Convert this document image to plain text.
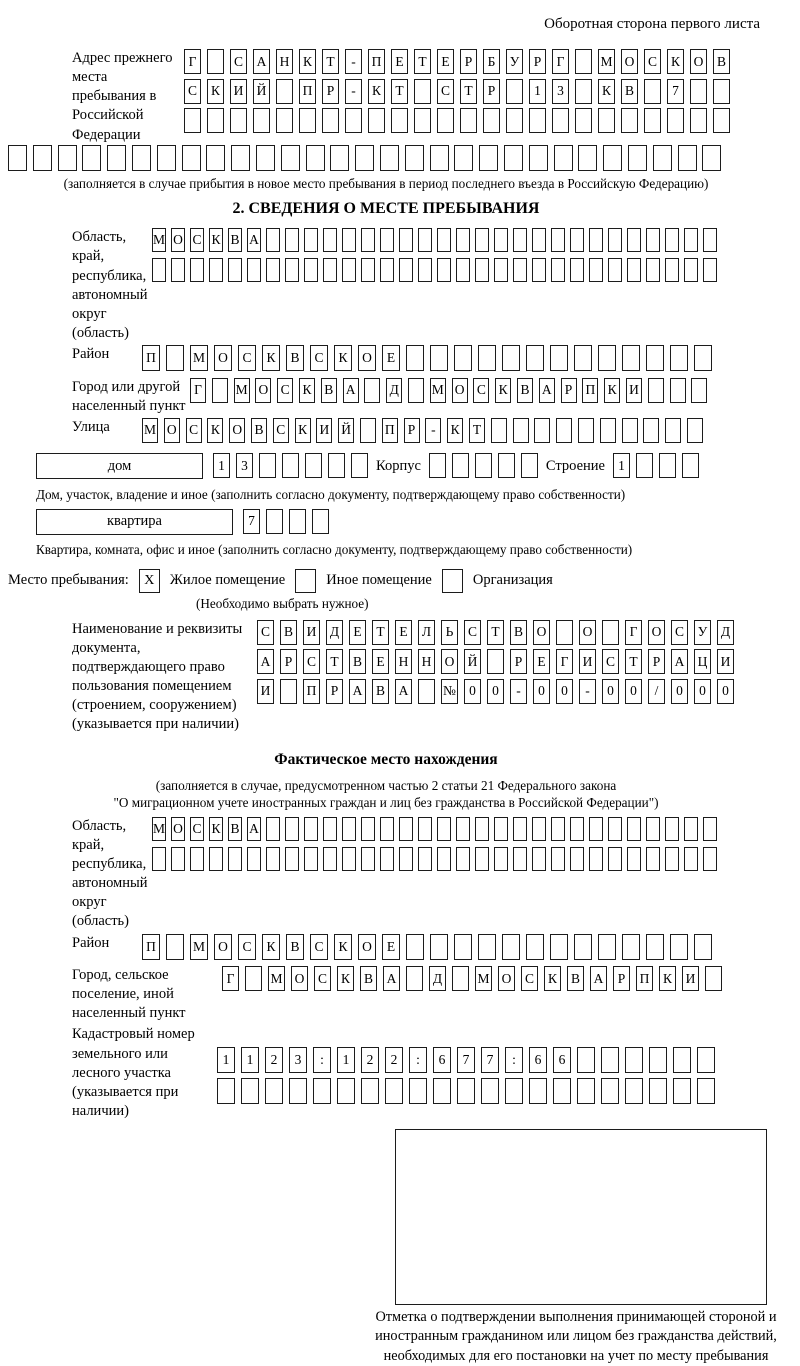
Оборотная сторона первого листа
Адрес прежнего места пребывания в Российской Федерации
Г	С А Н К	Т	-	П	Е	Т	Е	Р	Б	У	Р	Г	М О С К О В
С К И Й	П	Р	-	К	Т	С	Т	Р	1	3	К В	7
(заполняется в случае прибытия в новое место пребывания в период последнего въезда в Российскую Федерацию)
2. СВЕДЕНИЯ О МЕСТЕ ПРЕБЫВАНИЯ
Область, край, республика, автономный округ (область)
М О С К В А
Район	П	М О	С	К	В	С	К	О	Е
Город или другой населенный пункт
Г	М О С К В А	Д М О С К В А Р П К И
Улица	М О С К О В С К И Й	П Р	-	К Т
дом	1	3	Корпус	Строение 1
Дом, участок, владение и иное (заполнить согласно документу, подтверждающему право собственности)
квартира	7
Квартира, комната, офис и иное (заполнить согласно документу, подтверждающему право собственности)
Место пребывания:	X	Жилое помещение	Иное помещение	Организация
(Необходимо выбрать нужное)
Наименование и реквизиты документа, подтверждающего право пользования помещением (строением, сооружением) (указывается при наличии)
С В И Д	Е	Т	Е	Л	Ь	С	Т	В О	О	Г	О С У Д
А	Р	С	Т	В	Е	Н Н О Й	Р	Е	Г	И С	Т	Р	А Ц И
И	П	Р	А В А	№ 0	0	-	0	0	-	0	0	/	0	0	0
Фактическое место нахождения
(заполняется в случае, предусмотренном частью 2 статьи 21 Федерального закона
"О миграционном учете иностранных граждан и лиц без гражданства в Российской Федерации")
Область, край, республика, автономный округ (область)
М О С К В А
Район	П	М О	С	К	В	С	К	О	Е
Город, сельское поселение, иной населенный пункт
Г	М О С К В А	Д	М О С К В А	Р	П К И
Кадастровый номер земельного или лесного участка (указывается при наличии)
1	1	2	3	:	1	2	2	:	6	7	7	:	6	6
Отметка о подтверждении выполнения принимающей стороной и иностранным гражданином или лицом без гражданства действий, необходимых для его постановки на учет по месту пребывания
